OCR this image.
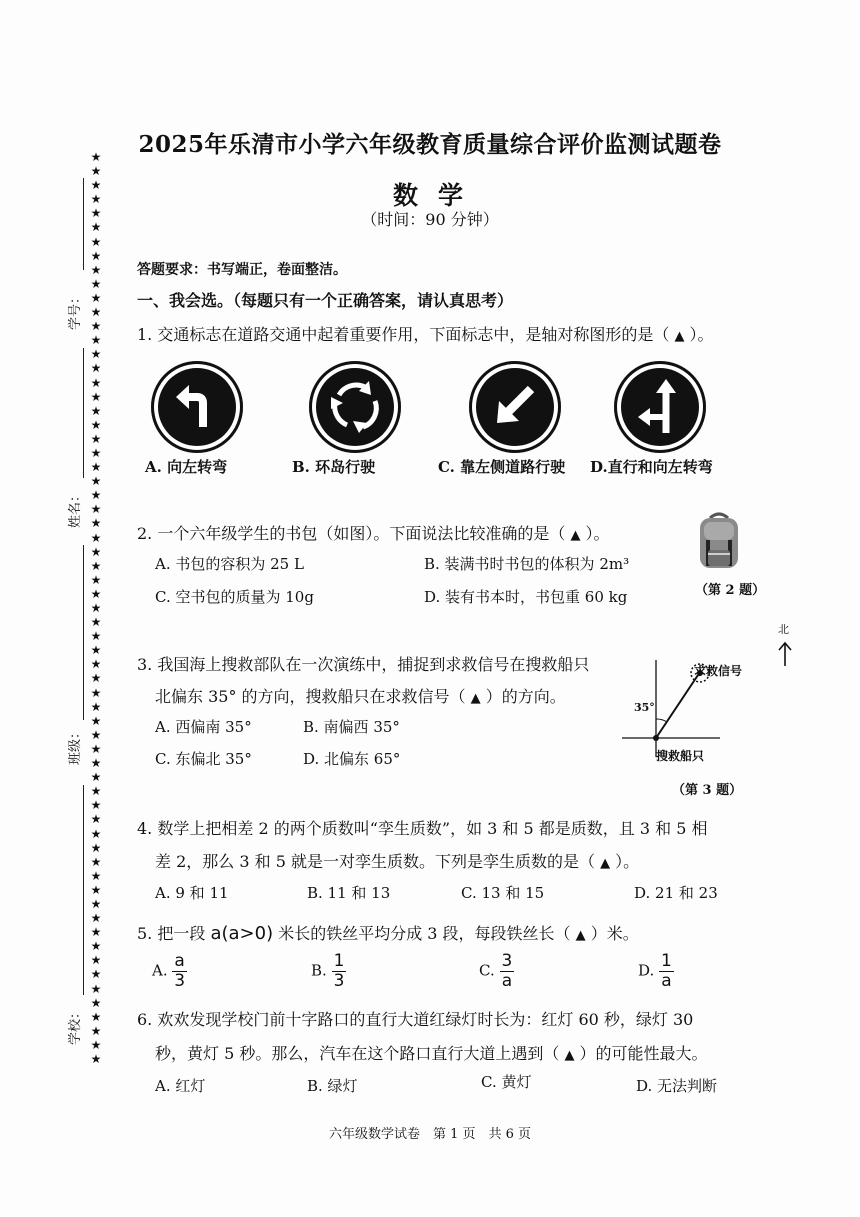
★
★
★
★
★
★
★
★
★
★
★
★
★
★
★
★
★
★
★
★
★
★
★
★
★
★
★
★
★
★
★
★
★
★
★
★
★
★
★
★
★
★
★
★
★
★
★
★
★
★
★
★
★
★
★
★
★
★
★
★
★
★
★
★
★
学号：
姓名：
班级：
学校：
2025年乐清市小学六年级教育质量综合评价监测试题卷
数学
（时间：90 分钟）
答题要求：书写端正，卷面整洁。
一、我会选。（每题只有一个正确答案，请认真思考）
1. 交通标志在道路交通中起着重要作用，下面标志中，是轴对称图形的是（ ▲ ）。
A. 向左转弯	B. 环岛行驶	C. 靠左侧道路行驶 D.直行和向左转弯
2. 一个六年级学生的书包（如图）。下面说法比较准确的是（ ▲ ）。
A. 书包的容积为 25 L	B. 装满书时书包的体积为 2m³
C. 空书包的质量为 10g	D. 装有书本时，书包重 60 kg	（第 2 题）
3. 我国海上搜救部队在一次演练中，捕捉到求救信号在搜救船只
北偏东 35° 的方向，搜救船只在求救信号（ ▲ ）的方向。
A. 西偏南 35°	B. 南偏西 35°
C. 东偏北 35°	D. 北偏东 65°
求救信号
35°
搜救船只
（第 3 题）
北
4. 数学上把相差 2 的两个质数叫“孪生质数”，如 3 和 5 都是质数，且 3 和 5 相
差 2，那么 3 和 5 就是一对孪生质数。下列是孪生质数的是（ ▲ ）。
A. 9 和 11	B. 11 和 13	C. 13 和 15	D. 21 和 23
5. 把一段 a(a>0) 米长的铁丝平均分成 3 段，每段铁丝长（ ▲ ）米。
A. $\frac{a}{3}$	B. $\frac{1}{3}$	C. $\frac{3}{a}$	D. $\frac{1}{a}$
6. 欢欢发现学校门前十字路口的直行大道红绿灯时长为：红灯 60 秒，绿灯 30
秒，黄灯 5 秒。那么，汽车在这个路口直行大道上遇到（ ▲ ）的可能性最大。
A. 红灯	B. 绿灯	C. 黄灯	D. 无法判断
六年级数学试卷　第 1 页　共 6 页
